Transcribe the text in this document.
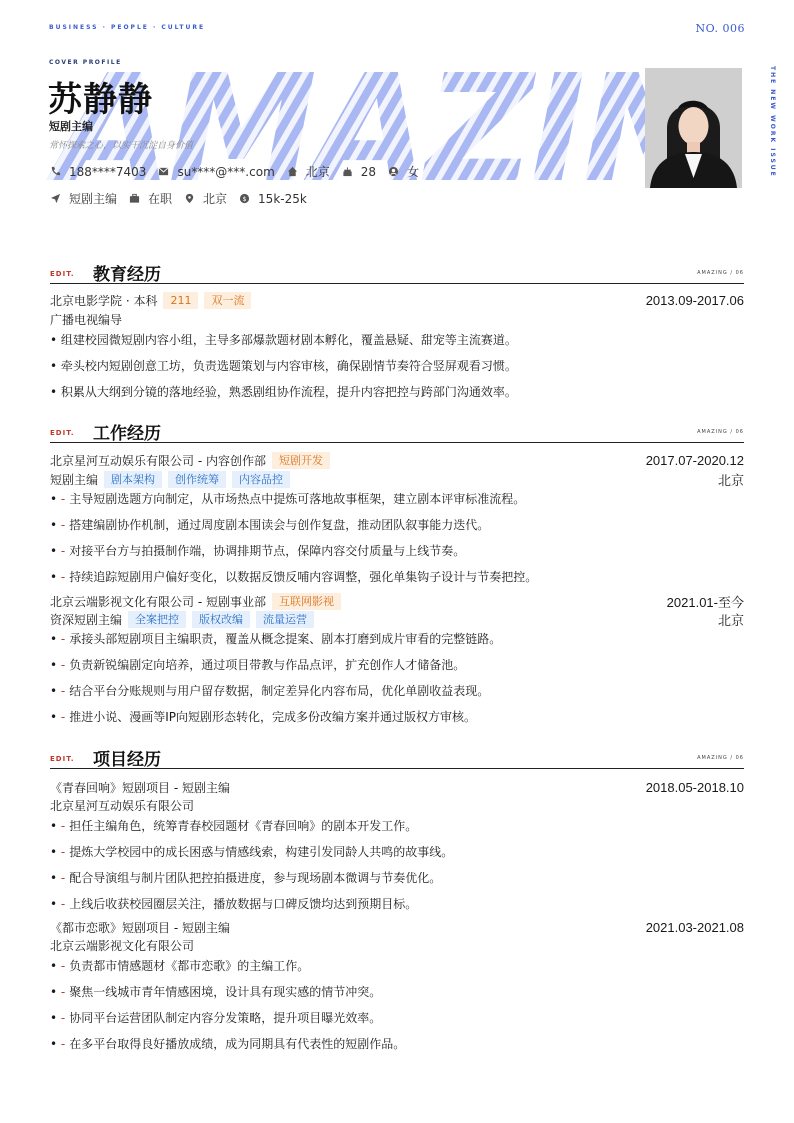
BUSINESS · PEOPLE · CULTURE	NO. 006
THE NEW WORK ISSUE
COVER PROFILE
苏静静
短剧主编
常怀探索之心，以实干沉淀自身价值
188****7403	su****@***.com	北京	28	女
短剧主编	在职	北京 $ 15k-25k
EDIT. 教育经历	AMAZING / 06
北京电影学院 · 本科	211	双一流	2013.09-2017.06
广播电视编导
• 组建校园微短剧内容小组，主导多部爆款题材剧本孵化，覆盖悬疑、甜宠等主流赛道。
• 牵头校内短剧创意工坊，负责选题策划与内容审核，确保剧情节奏符合竖屏观看习惯。
• 积累从大纲到分镜的落地经验，熟悉剧组协作流程，提升内容把控与跨部门沟通效率。
EDIT. 工作经历	AMAZING / 06
北京星河互动娱乐有限公司 - 内容创作部	短剧开发	2017.07-2020.12
短剧主编	剧本架构	创作统筹	内容品控	北京
• - 主导短剧选题方向制定，从市场热点中提炼可落地故事框架，建立剧本评审标准流程。
• - 搭建编剧协作机制，通过周度剧本围读会与创作复盘，推动团队叙事能力迭代。
• - 对接平台方与拍摄制作端，协调排期节点，保障内容交付质量与上线节奏。
• - 持续追踪短剧用户偏好变化，以数据反馈反哺内容调整，强化单集钩子设计与节奏把控。
北京云端影视文化有限公司 - 短剧事业部	互联网影视	2021.01-至今
资深短剧主编	全案把控	版权改编	流量运营	北京
• - 承接头部短剧项目主编职责，覆盖从概念提案、剧本打磨到成片审看的完整链路。
• - 负责新锐编剧定向培养，通过项目带教与作品点评，扩充创作人才储备池。
• - 结合平台分账规则与用户留存数据，制定差异化内容布局，优化单剧收益表现。
• - 推进小说、漫画等IP向短剧形态转化，完成多份改编方案并通过版权方审核。
EDIT. 项目经历	AMAZING / 06
《青春回响》短剧项目 - 短剧主编	2018.05-2018.10
北京星河互动娱乐有限公司
• - 担任主编角色，统筹青春校园题材《青春回响》的剧本开发工作。
• - 提炼大学校园中的成长困惑与情感线索，构建引发同龄人共鸣的故事线。
• - 配合导演组与制片团队把控拍摄进度，参与现场剧本微调与节奏优化。
• - 上线后收获校园圈层关注，播放数据与口碑反馈均达到预期目标。
《都市恋歌》短剧项目 - 短剧主编	2021.03-2021.08
北京云端影视文化有限公司
• - 负责都市情感题材《都市恋歌》的主编工作。
• - 聚焦一线城市青年情感困境，设计具有现实感的情节冲突。
• - 协同平台运营团队制定内容分发策略，提升项目曝光效率。
• - 在多平台取得良好播放成绩，成为同期具有代表性的短剧作品。
